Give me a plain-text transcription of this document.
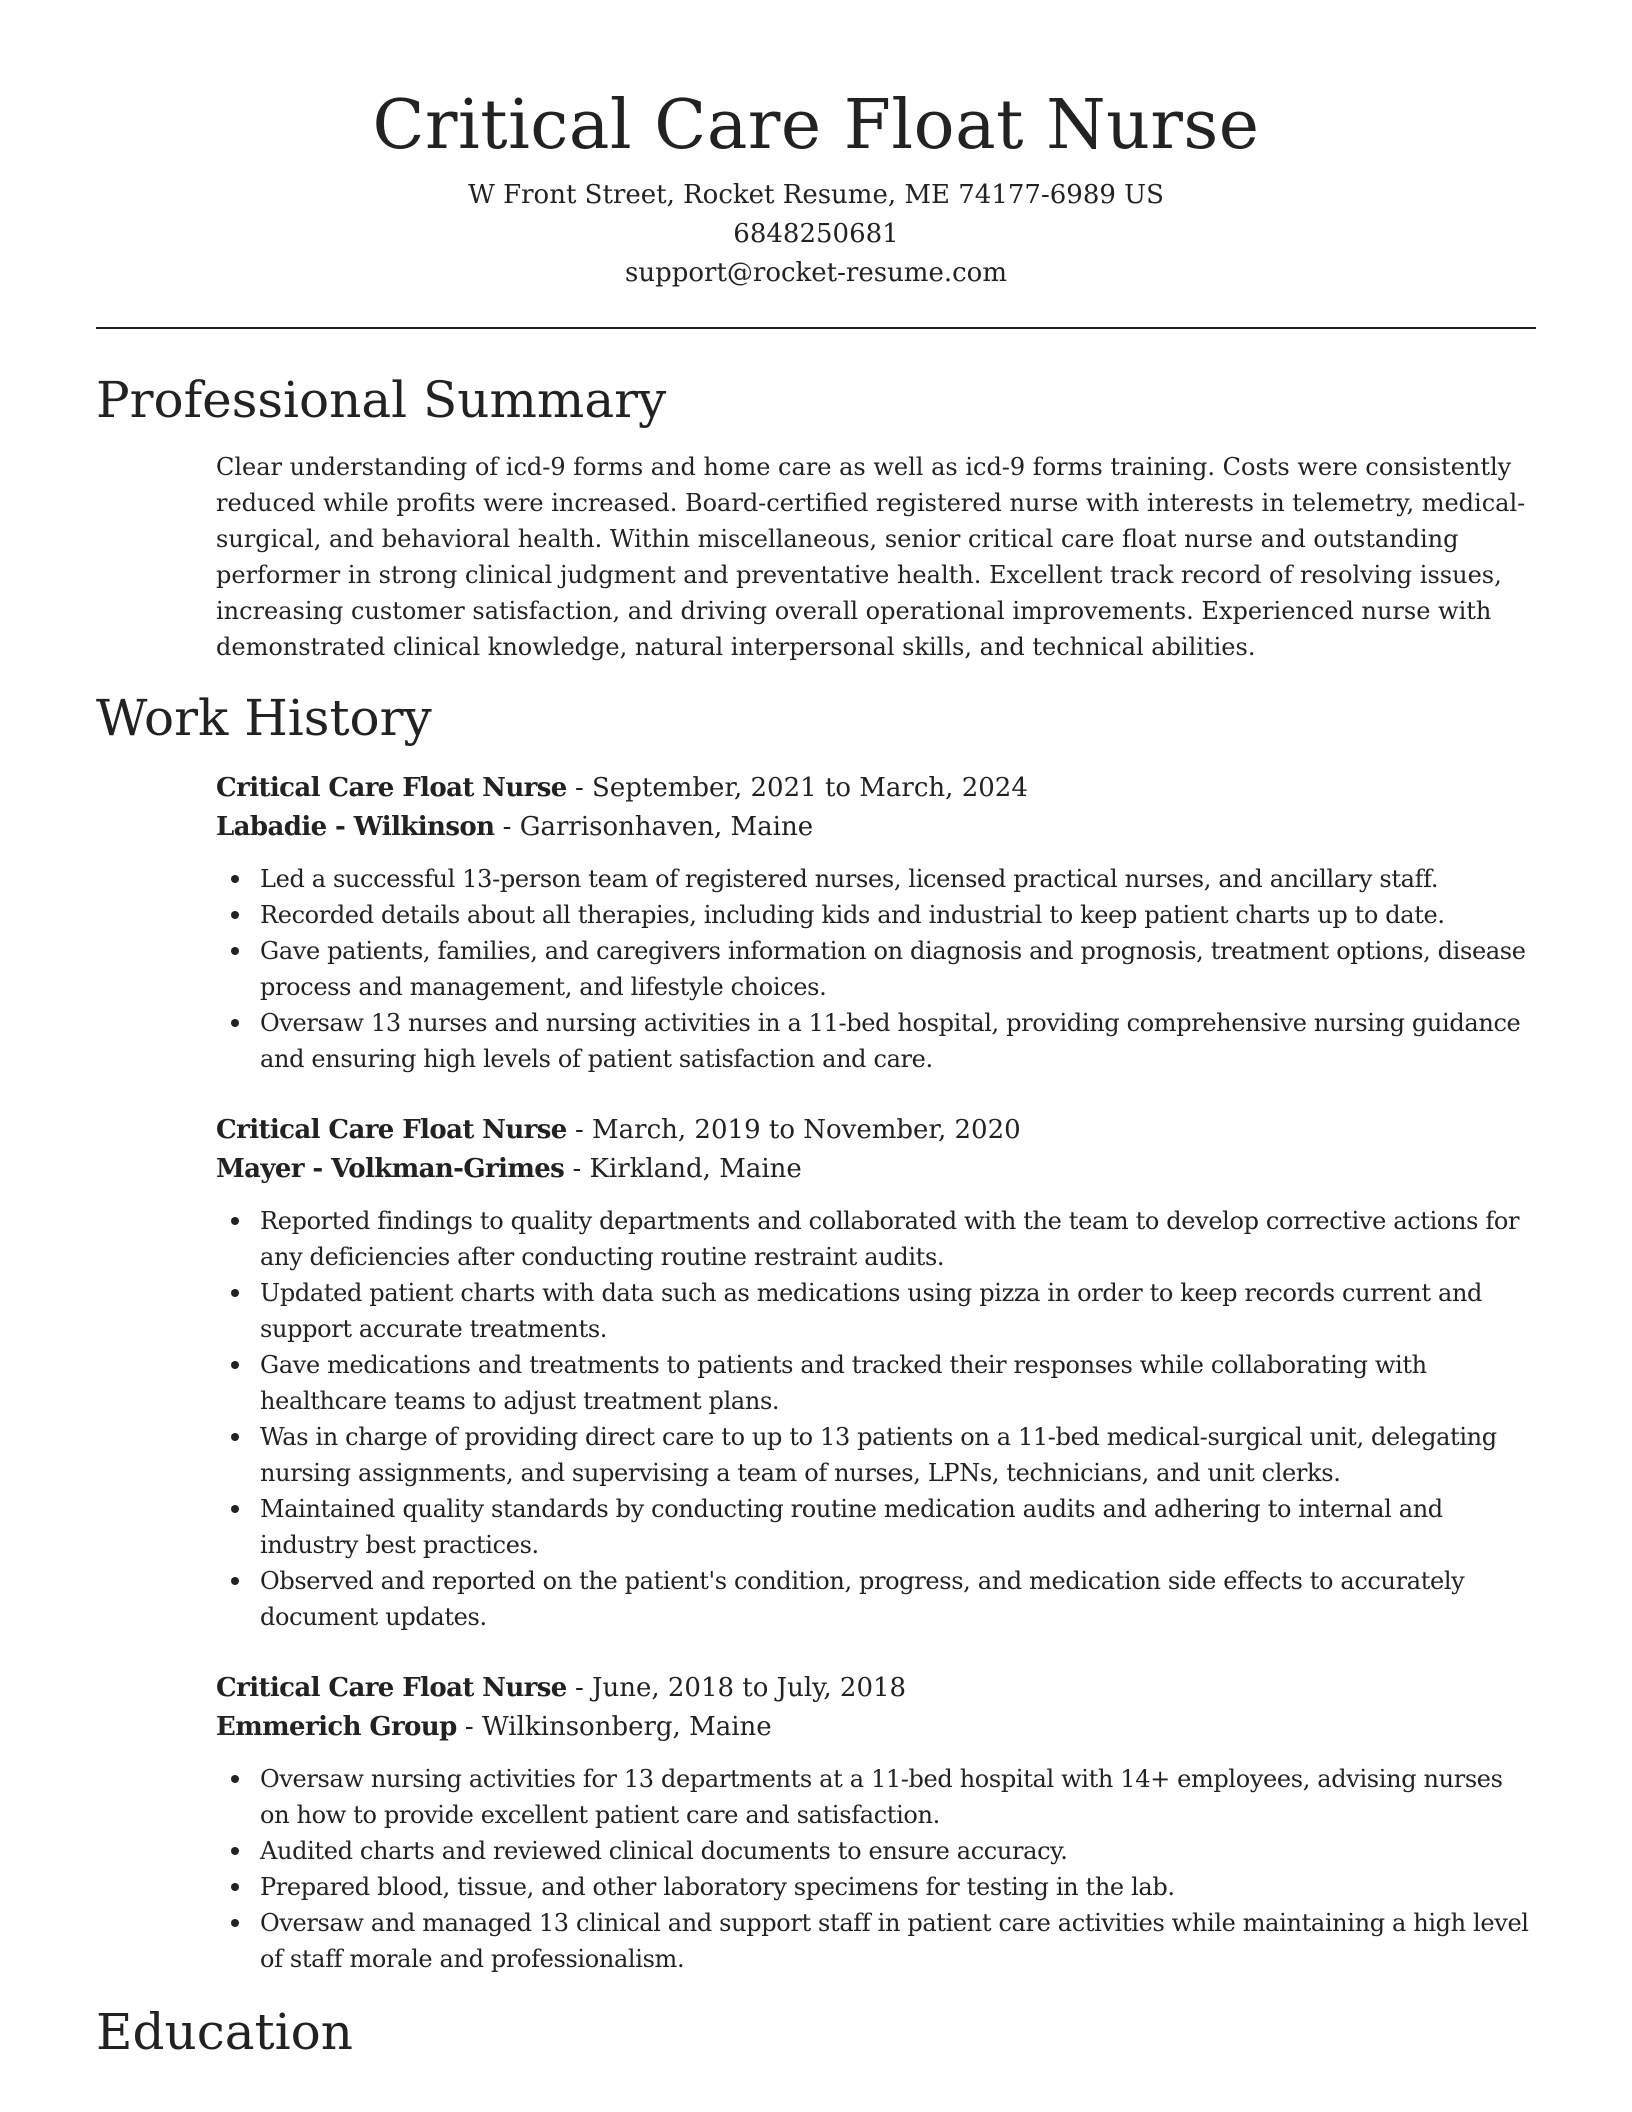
Critical Care Float Nurse
W Front Street, Rocket Resume, ME 74177-6989 US
6848250681
support@rocket-resume.com
Professional Summary

Clear understanding of icd-9 forms and home care as well as icd-9 forms training. Costs were consistently reduced while profits were increased. Board-certified registered nurse with interests in telemetry, medical-surgical, and behavioral health. Within miscellaneous, senior critical care float nurse and outstanding performer in strong clinical judgment and preventative health. Excellent track record of resolving issues, increasing customer satisfaction, and driving overall operational improvements. Experienced nurse with demonstrated clinical knowledge, natural interpersonal skills, and technical abilities.

Work History
Critical Care Float Nurse - September, 2021 to March, 2024
Labadie - Wilkinson - Garrisonhaven, Maine
Led a successful 13-person team of registered nurses, licensed practical nurses, and ancillary staff.
Recorded details about all therapies, including kids and industrial to keep patient charts up to date.
Gave patients, families, and caregivers information on diagnosis and prognosis, treatment options, disease process and management, and lifestyle choices.
Oversaw 13 nurses and nursing activities in a 11-bed hospital, providing comprehensive nursing guidance and ensuring high levels of patient satisfaction and care.
Critical Care Float Nurse - March, 2019 to November, 2020
Mayer - Volkman-Grimes - Kirkland, Maine
Reported findings to quality departments and collaborated with the team to develop corrective actions for any deficiencies after conducting routine restraint audits.
Updated patient charts with data such as medications using pizza in order to keep records current and support accurate treatments.
Gave medications and treatments to patients and tracked their responses while collaborating with healthcare teams to adjust treatment plans.
Was in charge of providing direct care to up to 13 patients on a 11-bed medical-surgical unit, delegating nursing assignments, and supervising a team of nurses, LPNs, technicians, and unit clerks.
Maintained quality standards by conducting routine medication audits and adhering to internal and industry best practices.
Observed and reported on the patient's condition, progress, and medication side effects to accurately document updates.
Critical Care Float Nurse - June, 2018 to July, 2018
Emmerich Group - Wilkinsonberg, Maine
Oversaw nursing activities for 13 departments at a 11-bed hospital with 14+ employees, advising nurses on how to provide excellent patient care and satisfaction.
Audited charts and reviewed clinical documents to ensure accuracy.
Prepared blood, tissue, and other laboratory specimens for testing in the lab.
Oversaw and managed 13 clinical and support staff in patient care activities while maintaining a high level of staff morale and professionalism.
Education
